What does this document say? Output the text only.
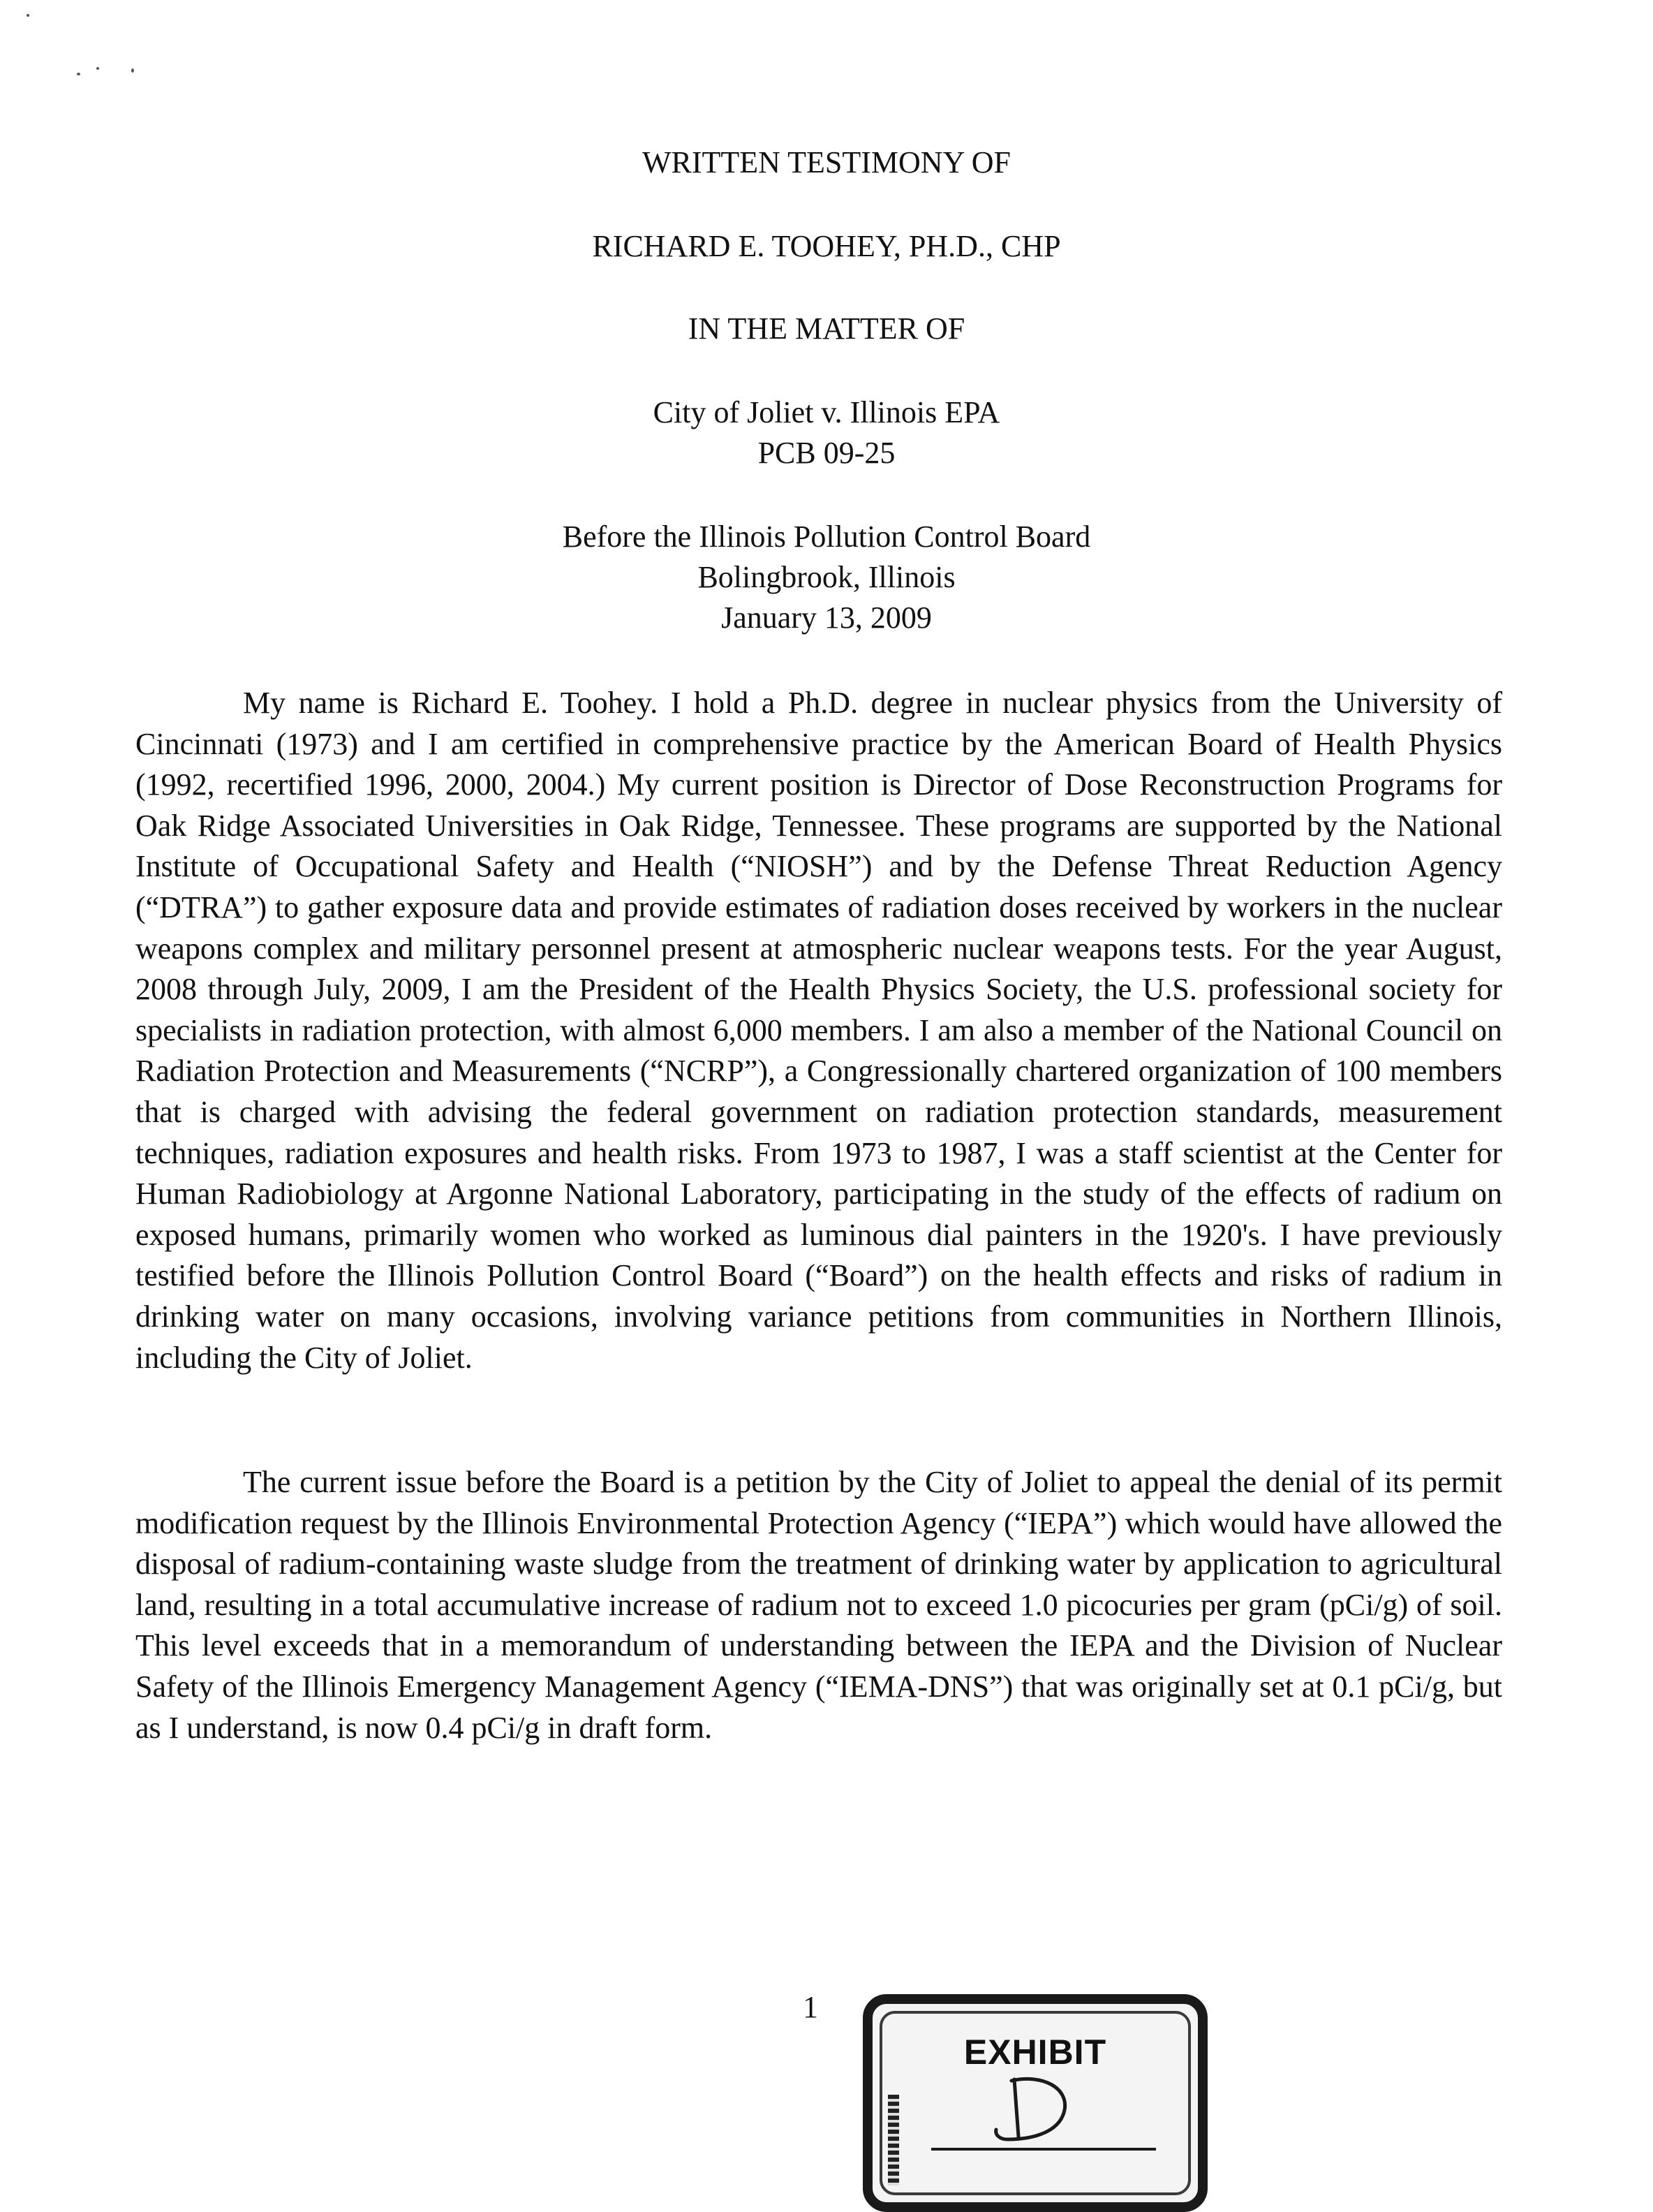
WRITTEN TESTIMONY OF
RICHARD E. TOOHEY, PH.D., CHP
IN THE MATTER OF
City of Joliet v. Illinois EPA
PCB 09-25
Before the Illinois Pollution Control Board
Bolingbrook, Illinois
January 13, 2009
My name is Richard E. Toohey. I hold a Ph.D. degree in nuclear physics from the University of Cincinnati (1973) and I am certified in comprehensive practice by the American Board of Health Physics (1992, recertified 1996, 2000, 2004.) My current position is Director of Dose Reconstruction Programs for Oak Ridge Associated Universities in Oak Ridge, Tennessee. These programs are supported by the National Institute of Occupational Safety and Health (“NIOSH”) and by the Defense Threat Reduction Agency (“DTRA”) to gather exposure data and provide estimates of radiation doses received by workers in the nuclear weapons complex and military personnel present at atmospheric nuclear weapons tests. For the year August, 2008 through July, 2009, I am the President of the Health Physics Society, the U.S. professional society for specialists in radiation protection, with almost 6,000 members. I am also a member of the National Council on Radiation Protection and Measurements (“NCRP”), a Congressionally chartered organization of 100 members that is charged with advising the federal government on radiation protection standards, measurement techniques, radiation exposures and health risks. From 1973 to 1987, I was a staff scientist at the Center for Human Radiobiology at Argonne National Laboratory, participating in the study of the effects of radium on exposed humans, primarily women who worked as luminous dial painters in the 1920's. I have previously testified before the Illinois Pollution Control Board (“Board”) on the health effects and risks of radium in drinking water on many occasions, involving variance petitions from communities in Northern Illinois, including the City of Joliet.
The current issue before the Board is a petition by the City of Joliet to appeal the denial of its permit modification request by the Illinois Environmental Protection Agency (“IEPA”) which would have allowed the disposal of radium-containing waste sludge from the treatment of drinking water by application to agricultural land, resulting in a total accumulative increase of radium not to exceed 1.0 picocuries per gram (pCi/g) of soil. This level exceeds that in a memorandum of understanding between the IEPA and the Division of Nuclear Safety of the Illinois Emergency Management Agency (“IEMA-DNS”) that was originally set at 0.1 pCi/g, but as I understand, is now 0.4 pCi/g in draft form.
1
EXHIBIT
